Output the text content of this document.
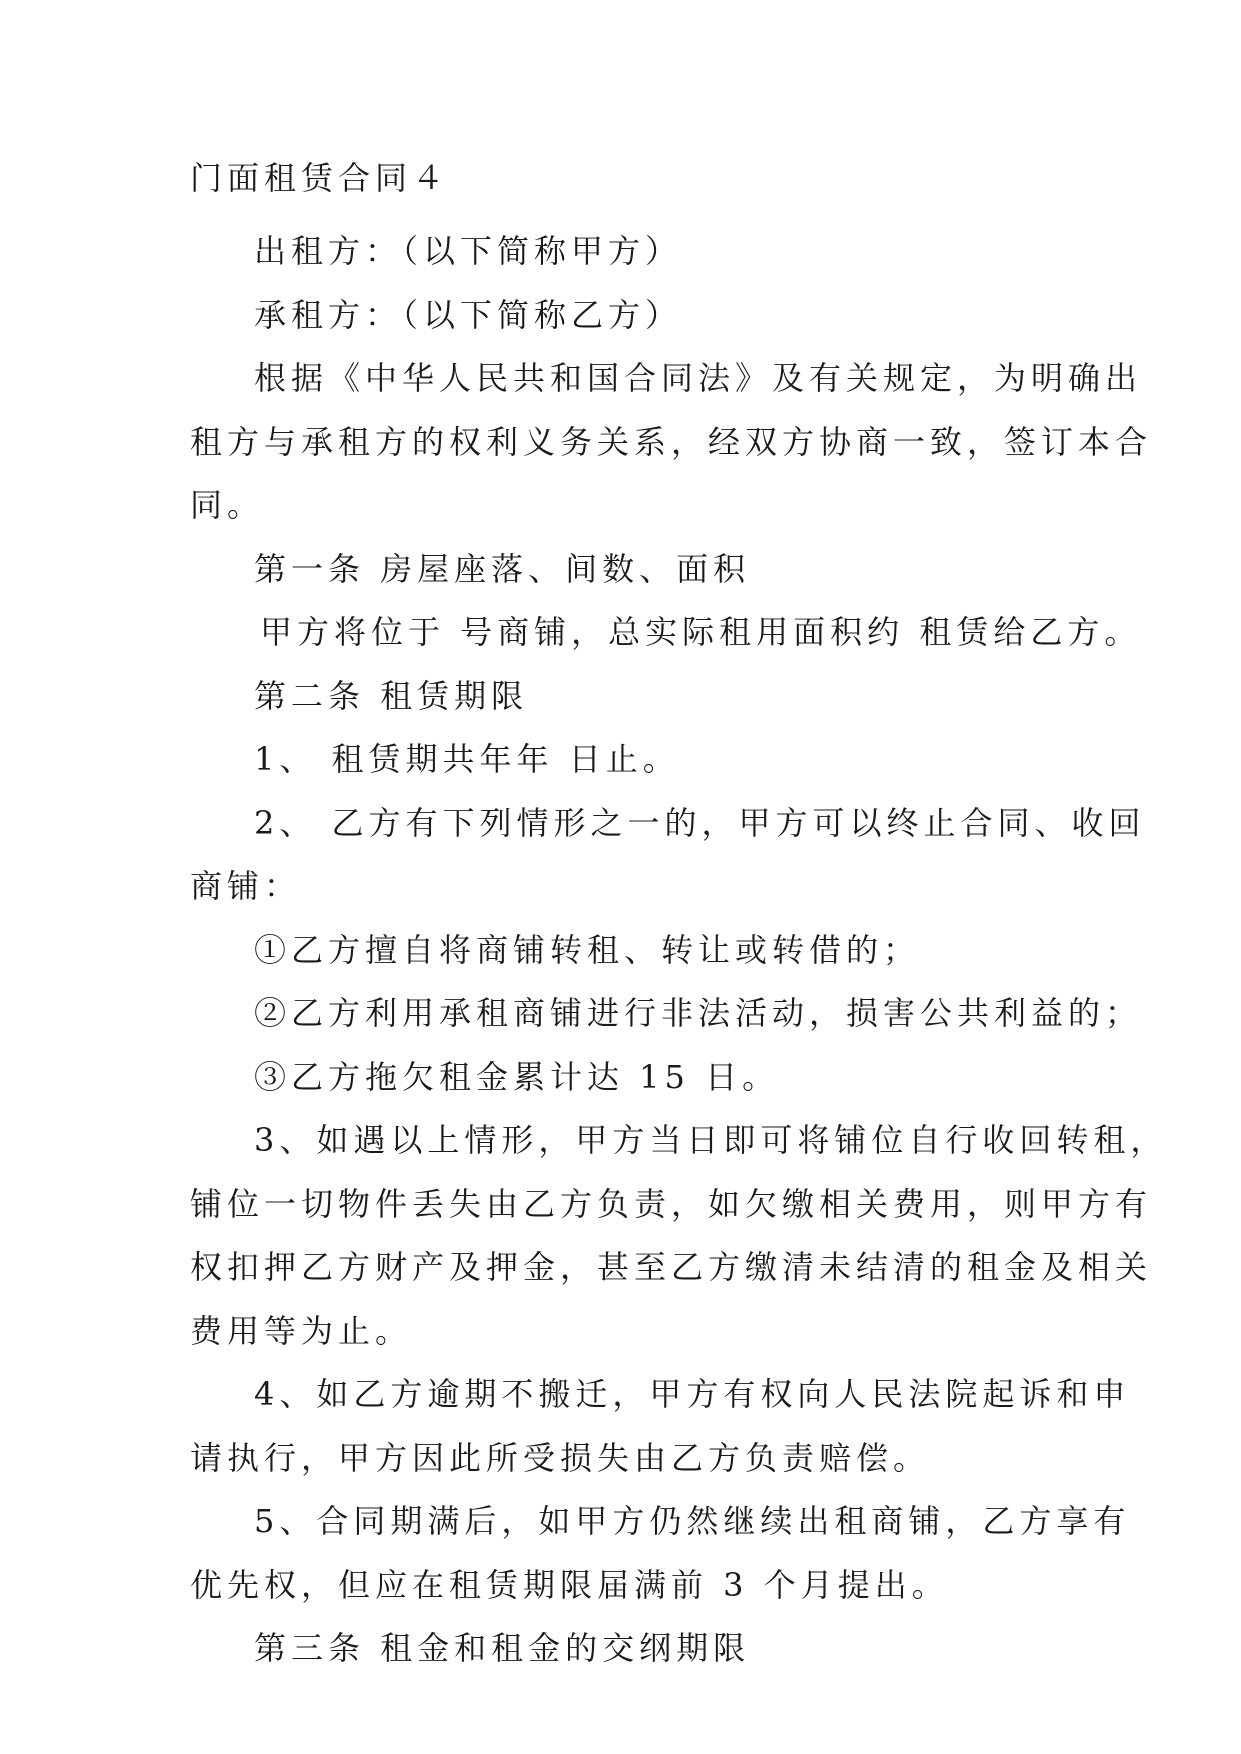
门面租赁合同４
出租方：（以下简称甲方）
承租方：（以下简称乙方）
根据《中华人民共和国合同法》及有关规定，为明确出
租方与承租方的权利义务关系，经双方协商一致，签订本合
同。
第一条 房屋座落、间数、面积
甲方将位于 号商铺，总实际租用面积约 租赁给乙方。
第二条 租赁期限
1、 租赁期共年年 日止。
2、 乙方有下列情形之一的，甲方可以终止合同、收回
商铺：
①乙方擅自将商铺转租、转让或转借的；
②乙方利用承租商铺进行非法活动，损害公共利益的；
③乙方拖欠租金累计达 15 日。
3、如遇以上情形，甲方当日即可将铺位自行收回转租，
铺位一切物件丢失由乙方负责，如欠缴相关费用，则甲方有
权扣押乙方财产及押金，甚至乙方缴清未结清的租金及相关
费用等为止。
4、如乙方逾期不搬迁，甲方有权向人民法院起诉和申
请执行，甲方因此所受损失由乙方负责赔偿。
5、合同期满后，如甲方仍然继续出租商铺，乙方享有
优先权，但应在租赁期限届满前 3 个月提出。
第三条 租金和租金的交纲期限
